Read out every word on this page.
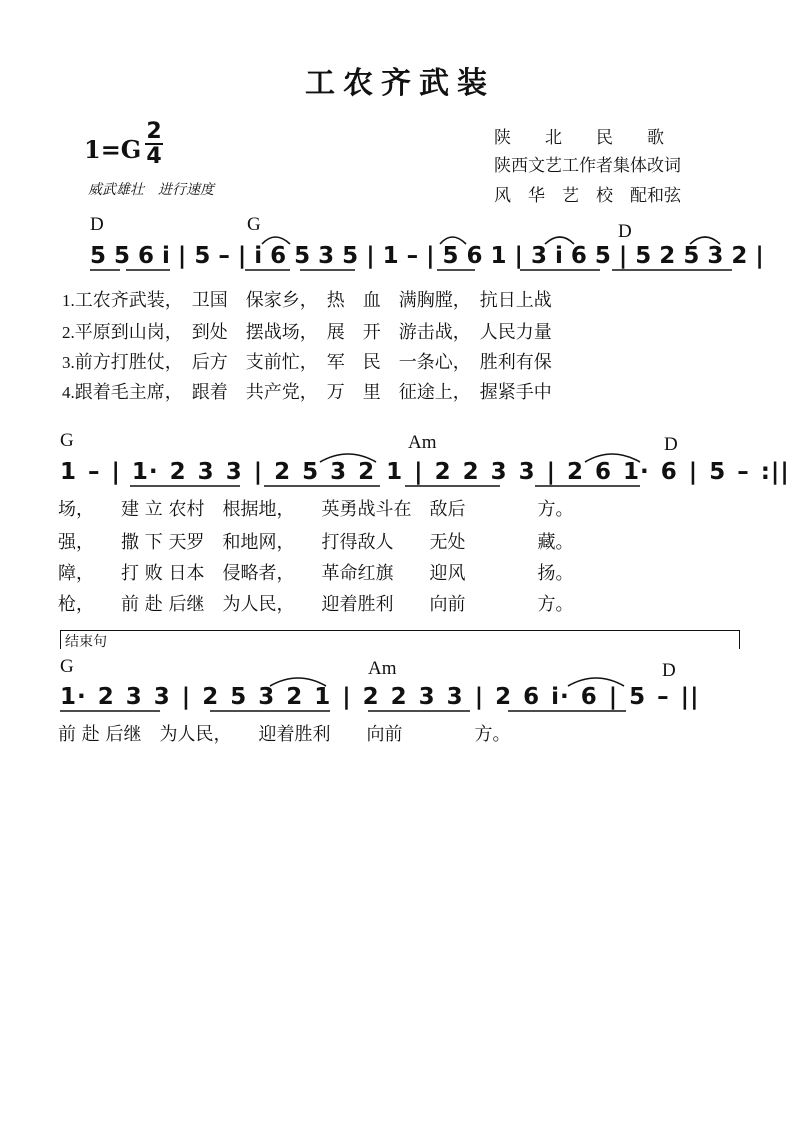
工农齐武装
1=G
2
4
威武雄壮　进行速度
陕　　北　　民　　歌
陕西文艺工作者集体改词
风　华　艺　校　配和弦
D	G	D
5 5 6 i | 5 – | i 6 5 3 5 | 1 – | 5 6 1 | 3 i 6 5 | 5 2 5 3 2 |
1.工农齐武装，　卫国　保家乡，　热　血　满胸膛，　抗日上战
2.平原到山岗，　到处　摆战场，　展　开　游击战，　人民力量
3.前方打胜仗，　后方　支前忙，　军　民　一条心，　胜利有保
4.跟着毛主席，　跟着　共产党，　万　里　征途上，　握紧手中
G	Am	D
1 – | 1· 2 3 3 | 2 5 3 2 1 | 2 2 3 3 | 2 6 1· 6 | 5 – :||
场，　　建 立 农村　根据地，　　英勇战斗在　敌后　　　　方。
强，　　撒 下 天罗　和地网，　　打得敌人　　无处　　　　藏。
障，　　打 败 日本　侵略者，　　革命红旗　　迎风　　　　扬。
枪，　　前 赴 后继　为人民，　　迎着胜利　　向前　　　　方。
结束句
G	Am	D
1· 2 3 3 | 2 5 3 2 1 | 2 2 3 3 | 2 6 i· 6 | 5 – ||
前 赴 后继　为人民，　　迎着胜利　　向前　　　　方。
